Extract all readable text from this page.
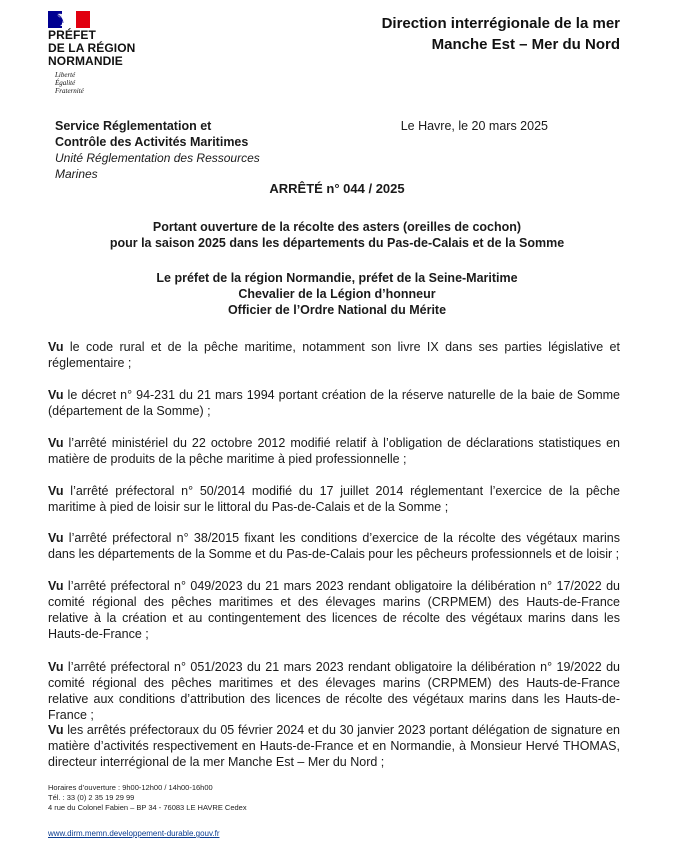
PRÉFET
DE LA RÉGION
NORMANDIE
Liberté
Égalité
Fraternité
Direction interrégionale de la mer
Manche Est – Mer du Nord
Service Réglementation et
Contrôle des Activités Maritimes
Unité Réglementation des Ressources
Marines
Le Havre, le 20 mars 2025
ARRÊTÉ n° 044 / 2025
Portant ouverture de la récolte des asters (oreilles de cochon)
pour la saison 2025 dans les départements du Pas-de-Calais et de la Somme
Le préfet de la région Normandie, préfet de la Seine-Maritime
Chevalier de la Légion d’honneur
Officier de l’Ordre National du Mérite
Vu le code rural et de la pêche maritime, notamment son livre IX dans ses parties législative et réglementaire ;
Vu le décret n° 94-231 du 21 mars 1994 portant création de la réserve naturelle de la baie de Somme (département de la Somme) ;
Vu l’arrêté ministériel du 22 octobre 2012 modifié relatif à l’obligation de déclarations statistiques en matière de produits de la pêche maritime à pied professionnelle ;
Vu l’arrêté préfectoral n° 50/2014 modifié du 17 juillet 2014 réglementant l’exercice de la pêche maritime à pied de loisir sur le littoral du Pas-de-Calais et de la Somme ;
Vu l’arrêté préfectoral n° 38/2015 fixant les conditions d’exercice de la récolte des végétaux marins dans les départements de la Somme et du Pas-de-Calais pour les pêcheurs professionnels et de loisir ;
Vu l’arrêté préfectoral n° 049/2023 du 21 mars 2023 rendant obligatoire la délibération n° 17/2022 du comité régional des pêches maritimes et des élevages marins (CRPMEM) des Hauts-de-France relative à la création et au contingentement des licences de récolte des végétaux marins dans les Hauts-de-France ;
Vu l’arrêté préfectoral n° 051/2023 du 21 mars 2023 rendant obligatoire la délibération n° 19/2022 du comité régional des pêches maritimes et des élevages marins (CRPMEM) des Hauts-de-France relative aux conditions d’attribution des licences de récolte des végétaux marins dans les Hauts-de-France ;
Vu les arrêtés préfectoraux du 05 février 2024 et du 30 janvier 2023 portant délégation de signature en matière d’activités respectivement en Hauts-de-France et en Normandie, à Monsieur Hervé THOMAS, directeur interrégional de la mer Manche Est – Mer du Nord ;
Horaires d’ouverture : 9h00-12h00 / 14h00-16h00
Tél. : 33 (0) 2 35 19 29 99
4 rue du Colonel Fabien – BP 34 - 76083 LE HAVRE Cedex
www.dirm.memn.developpement-durable.gouv.fr
